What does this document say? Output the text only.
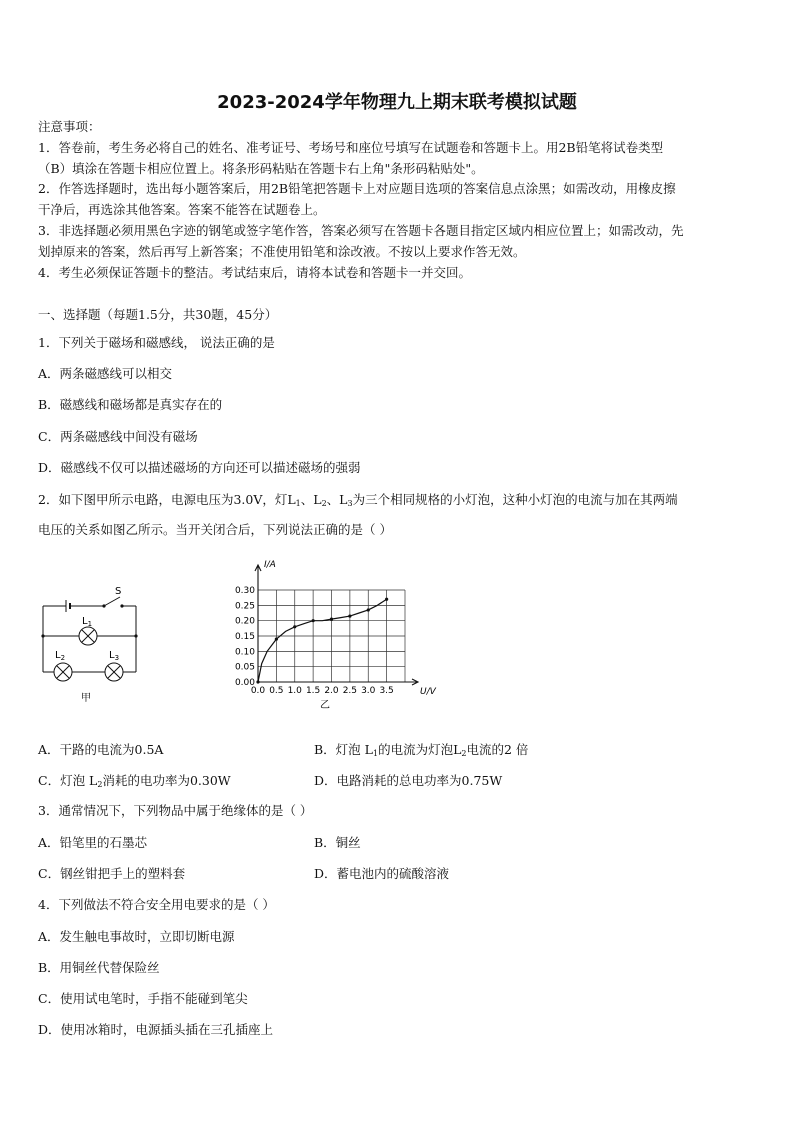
2023-2024学年物理九上期末联考模拟试题
注意事项：
1．答卷前，考生务必将自己的姓名、准考证号、考场号和座位号填写在试题卷和答题卡上。用2B铅笔将试卷类型
（B）填涂在答题卡相应位置上。将条形码粘贴在答题卡右上角"条形码粘贴处"。
2．作答选择题时，选出每小题答案后，用2B铅笔把答题卡上对应题目选项的答案信息点涂黑；如需改动，用橡皮擦
干净后，再选涂其他答案。答案不能答在试题卷上。
3．非选择题必须用黑色字迹的钢笔或签字笔作答，答案必须写在答题卡各题目指定区域内相应位置上；如需改动，先
划掉原来的答案，然后再写上新答案；不准使用铅笔和涂改液。不按以上要求作答无效。
4．考生必须保证答题卡的整洁。考试结束后，请将本试卷和答题卡一并交回。
一、选择题（每题1.5分，共30题，45分）
1．下列关于磁场和磁感线， 说法正确的是
A．两条磁感线可以相交
B．磁感线和磁场都是真实存在的
C．两条磁感线中间没有磁场
D．磁感线不仅可以描述磁场的方向还可以描述磁场的强弱
2．如下图甲所示电路，电源电压为3.0V，灯$L_1$、$L_2$、$L_3$为三个相同规格的小灯泡，这种小灯泡的电流与加在其两端
电压的关系如图乙所示。当开关闭合后，下列说法正确的是（ ）
S
$L_1$
$L_2$	$L_3$
甲
0.0 0.5 1.0 1.5 2.0 2.5 3.0 3.5
0.00
0.05
0.10
0.15
0.20
0.25
0.30
I/A
U/V
乙
A．干路的电流为0.5A	B．灯泡 $L_1$的电流为灯泡$L_2$电流的2 倍
C．灯泡 $L_2$消耗的电功率为0.30W	D．电路消耗的总电功率为0.75W
3．通常情况下，下列物品中属于绝缘体的是（ ）
A．铅笔里的石墨芯	B．铜丝
C．钢丝钳把手上的塑料套	D．蓄电池内的硫酸溶液
4．下列做法不符合安全用电要求的是（ ）
A．发生触电事故时，立即切断电源
B．用铜丝代替保险丝
C．使用试电笔时，手指不能碰到笔尖
D．使用冰箱时，电源插头插在三孔插座上
